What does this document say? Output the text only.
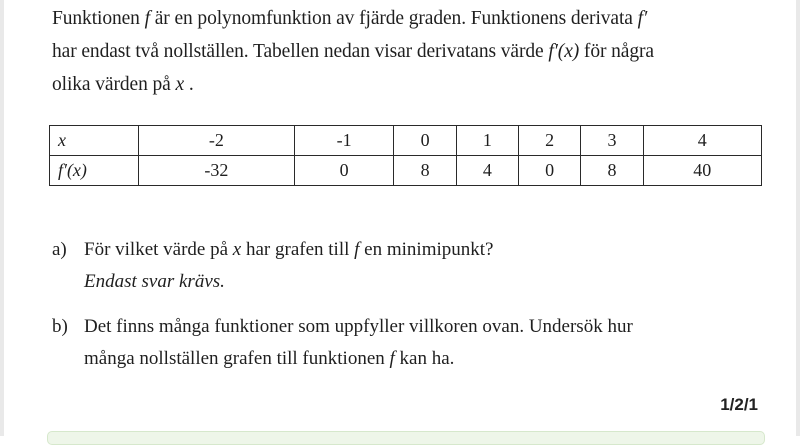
Funktionen f är en polynomfunktion av fjärde graden. Funktionens derivata f′

har endast två nollställen. Tabellen nedan visar derivatans värde f′(x) för några

olika värden på x .

x	-2	-1	0	1	2	3	4
f′(x)	-32	0	8	4	0	8	40
a) För vilket värde på x har grafen till f en minimipunkt?
Endast svar krävs.
b) Det finns många funktioner som uppfyller villkoren ovan. Undersök hur
många nollställen grafen till funktionen f kan ha.
1/2/1
